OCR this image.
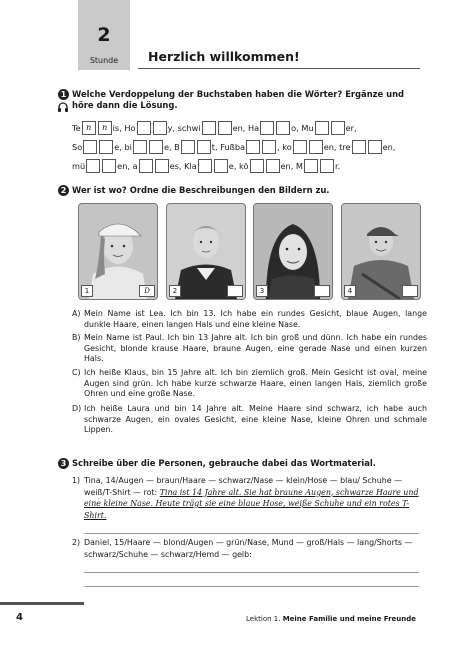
2
Stunde	Herzlich willkommen!
1 Welche Verdoppelung der Buchstaben haben die Wörter? Ergänze und höre dann die Lösung.
Te n n is, Ho	y, schwi	en, Ha	o, Mu	er,
So	e, bi	e, B	t, Fußba	, ko	en, tre	en,
mü	en, a	es, Kla	e, kö	en, M	r.
2 Wer ist wo? Ordne die Beschreibungen den Bildern zu.
1	D	2	3	4
A) Mein Name ist Lea. Ich bin 13. Ich habe ein rundes Gesicht, blaue Augen, lange dunkle Haare, einen langen Hals und eine kleine Nase.
B) Mein Name ist Paul. Ich bin 13 Jahre alt. Ich bin groß und dünn. Ich habe ein rundes Gesicht, blonde krause Haare, braune Augen, eine gerade Nase und einen kurzen Hals.
C) Ich heiße Klaus, bin 15 Jahre alt. Ich bin ziemlich groß. Mein Gesicht ist oval, meine Augen sind grün. Ich habe kurze schwarze Haare, einen langen Hals, ziemlich große Ohren und eine große Nase.
D) Ich heiße Laura und bin 14 Jahre alt. Meine Haare sind schwarz, ich habe auch schwarze Augen, ein ovales Gesicht, eine kleine Nase, kleine Ohren und schmale Lippen.
3 Schreibe über die Personen, gebrauche dabei das Wortmaterial.
1) Tina, 14/Augen — braun/Haare — schwarz/Nase — klein/Hose — blau/ Schuhe — weiß/T-Shirt — rot: Tina ist 14 Jahre alt. Sie hat braune Augen, schwarze Haare und eine kleine Nase. Heute trägt sie eine blaue Hose, weiße Schuhe und ein rotes T-Shirt.
2) Daniel, 15/Haare — blond/Augen — grün/Nase, Mund — groß/Hals — lang/Shorts — schwarz/Schuhe — schwarz/Hemd — gelb:
4	Lektion 1. Meine Familie und meine Freunde
